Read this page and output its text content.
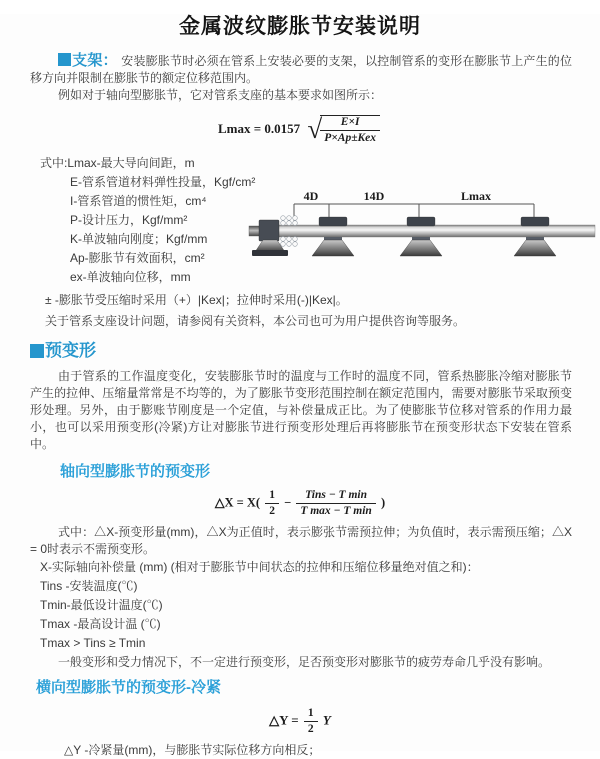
金属波纹膨胀节安装说明

支架： 安装膨胀节时必须在管系上安装必要的支架，以控制管系的变形在膨胀节上产生的位移方向并限制在膨胀节的额定位移范围内。

例如对于轴向型膨胀节，它对管系支座的基本要求如图所示：

Lmax = 0.0157 √
$\frac{E\times I}{\text{P×Ap±Kex}}$
式中:Lmax-最大导向间距，m
E-管系管道材料弹性投量，Kgf/cm²
I-管系管道的惯性矩，cm⁴
P-设计压力，Kgf/mm²
K-单波轴向刚度；Kgf/mm
Ap-膨胀节有效面积，cm²
ex-单波轴向位移，mm
4D	14D	Lmax

± -膨胀节受压缩时采用（+）|Kex|；拉伸时采用(-)|Kex|。

关于管系支座设计问题，请参阅有关资料，本公司也可为用户提供咨询等服务。

预变形

由于管系的工作温度变化，安装膨胀节时的温度与工作时的温度不同，管系热膨胀冷缩对膨胀节产生的拉伸、压缩量常常是不均等的，为了膨胀节变形范围控制在额定范围内，需要对膨胀节采取预变形处理。另外，由于膨账节刚度是一个定值，与补偿量成正比。为了使膨胀节位移对管系的作用力最小，也可以采用预变形(冷紧)方让对膨胀节进行预变形处理后再将膨胀节在预变形状态下安装在管系中。

轴向型膨胀节的预变形
△X = $X( \frac{1}{2} - \frac{\text{Tins − T min}}{\text{T max − T min}}$ )

式中：△X-预变形量(mm)，△X为正值时，表示膨张节需预拉伸；为负值时，表示需预压缩；△X = 0时表示不需预变形。

X-实际轴向补偿量 (mm) (相对于膨胀节中间状态的拉伸和压缩位移量绝对值之和)：

Tins -安装温度(℃)

Tmin-最低设计温度(℃)

Tmax -最高设计温 (℃)

Tmax > Tins ≥ Tmin

一般变形和受力情况下，不一定进行预变形，足否预变形对膨胀节的疲劳寿命几乎没有影响。

横向型膨胀节的预变形-冷紧
△Y = $\frac{1}{2}$ Y

△Y -冷紧量(mm)，与膨胀节实际位移方向相反；
